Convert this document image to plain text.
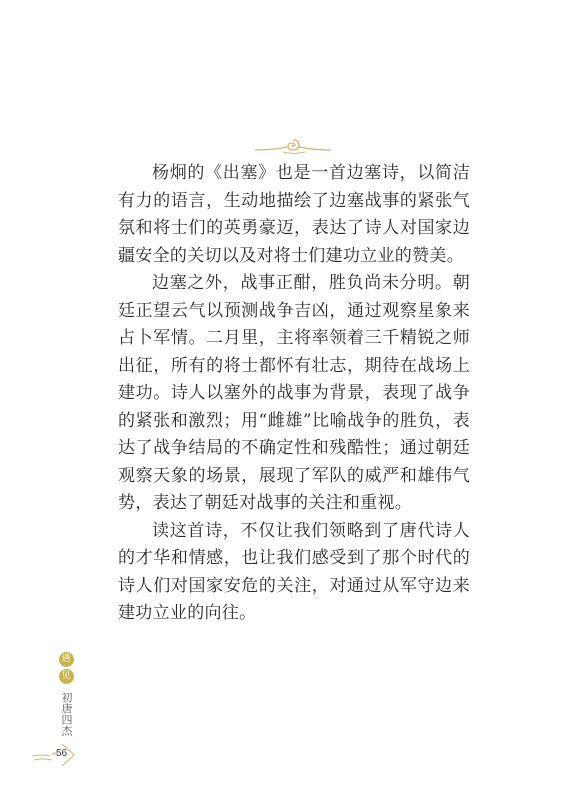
杨炯的《出塞》也是一首边塞诗，以简洁有力的语言，生动地描绘了边塞战事的紧张气氛和将士们的英勇豪迈，表达了诗人对国家边疆安全的关切以及对将士们建功立业的赞美。

边塞之外，战事正酣，胜负尚未分明。朝廷正望云气以预测战争吉凶，通过观察星象来占卜军情。二月里，主将率领着三千精锐之师出征，所有的将士都怀有壮志，期待在战场上建功。诗人以塞外的战事为背景，表现了战争的紧张和激烈；用“雌雄”比喻战争的胜负，表达了战争结局的不确定性和残酷性；通过朝廷观察天象的场景，展现了军队的威严和雄伟气势，表达了朝廷对战事的关注和重视。

读这首诗，不仅让我们领略到了唐代诗人的才华和情感，也让我们感受到了那个时代的诗人们对国家安危的关注，对通过从军守边来建功立业的向往。

遇
见
初唐四杰
56
